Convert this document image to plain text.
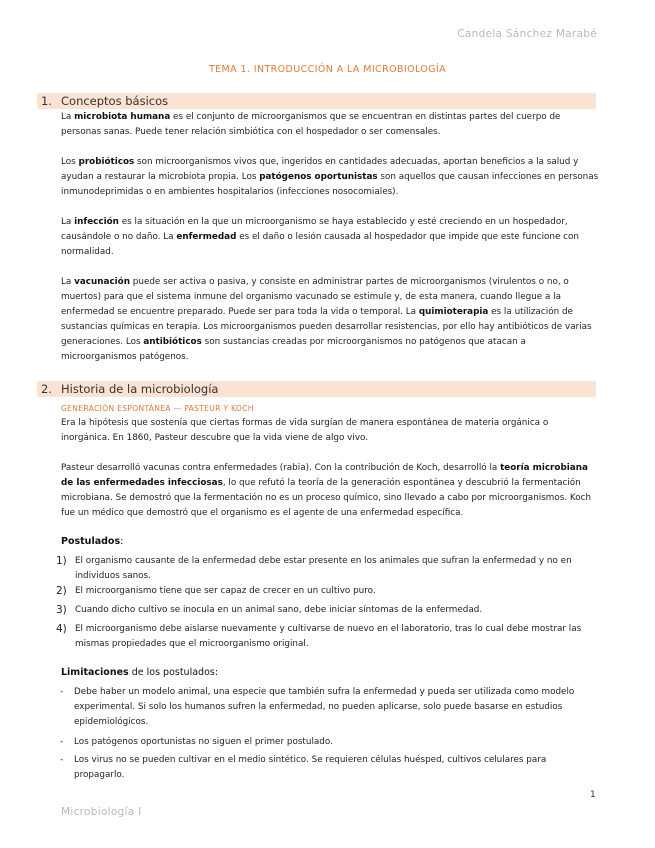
Candela Sánchez Marabé
TEMA 1. INTRODUCCIÓN A LA MICROBIOLOGÍA
1. Conceptos básicos
La microbiota humana es el conjunto de microorganismos que se encuentran en distintas partes del cuerpo de personas sanas. Puede tener relación simbiótica con el hospedador o ser comensales.
Los probióticos son microorganismos vivos que, ingeridos en cantidades adecuadas, aportan beneficios a la salud y ayudan a restaurar la microbiota propia. Los patógenos oportunistas son aquellos que causan infecciones en personas inmunodeprimidas o en ambientes hospitalarios (infecciones nosocomiales).
La infección es la situación en la que un microorganismo se haya establecido y esté creciendo en un hospedador, causándole o no daño. La enfermedad es el daño o lesión causada al hospedador que impide que este funcione con normalidad.
La vacunación puede ser activa o pasiva, y consiste en administrar partes de microorganismos (virulentos o no, o muertos) para que el sistema inmune del organismo vacunado se estimule y, de esta manera, cuando llegue a la enfermedad se encuentre preparado. Puede ser para toda la vida o temporal. La quimioterapia es la utilización de sustancias químicas en terapia. Los microorganismos pueden desarrollar resistencias, por ello hay antibióticos de varias generaciones. Los antibióticos son sustancias creadas por microorganismos no patógenos que atacan a microorganismos patógenos.
2. Historia de la microbiología
GENERACIÓN ESPONTÁNEA — PASTEUR Y KOCH
Era la hipótesis que sostenía que ciertas formas de vida surgían de manera espontánea de materia orgánica o inorgánica. En 1860, Pasteur descubre que la vida viene de algo vivo.
Pasteur desarrolló vacunas contra enfermedades (rabia). Con la contribución de Koch, desarrolló la teoría microbiana de las enfermedades infecciosas, lo que refutó la teoría de la generación espontánea y descubrió la fermentación microbiana. Se demostró que la fermentación no es un proceso químico, sino llevado a cabo por microorganismos. Koch fue un médico que demostró que el organismo es el agente de una enfermedad específica.
Postulados:
1) El organismo causante de la enfermedad debe estar presente en los animales que sufran la enfermedad y no en individuos sanos.
2) El microorganismo tiene que ser capaz de crecer en un cultivo puro.
3) Cuando dicho cultivo se inocula en un animal sano, debe iniciar síntomas de la enfermedad.
4) El microorganismo debe aislarse nuevamente y cultivarse de nuevo en el laboratorio, tras lo cual debe mostrar las mismas propiedades que el microorganismo original.
Limitaciones de los postulados:
- Debe haber un modelo animal, una especie que también sufra la enfermedad y pueda ser utilizada como modelo experimental. Si solo los humanos sufren la enfermedad, no pueden aplicarse, solo puede basarse en estudios epidemiológicos.
- Los patógenos oportunistas no siguen el primer postulado.
- Los virus no se pueden cultivar en el medio sintético. Se requieren células huésped, cultivos celulares para propagarlo.
1
Microbiología I
